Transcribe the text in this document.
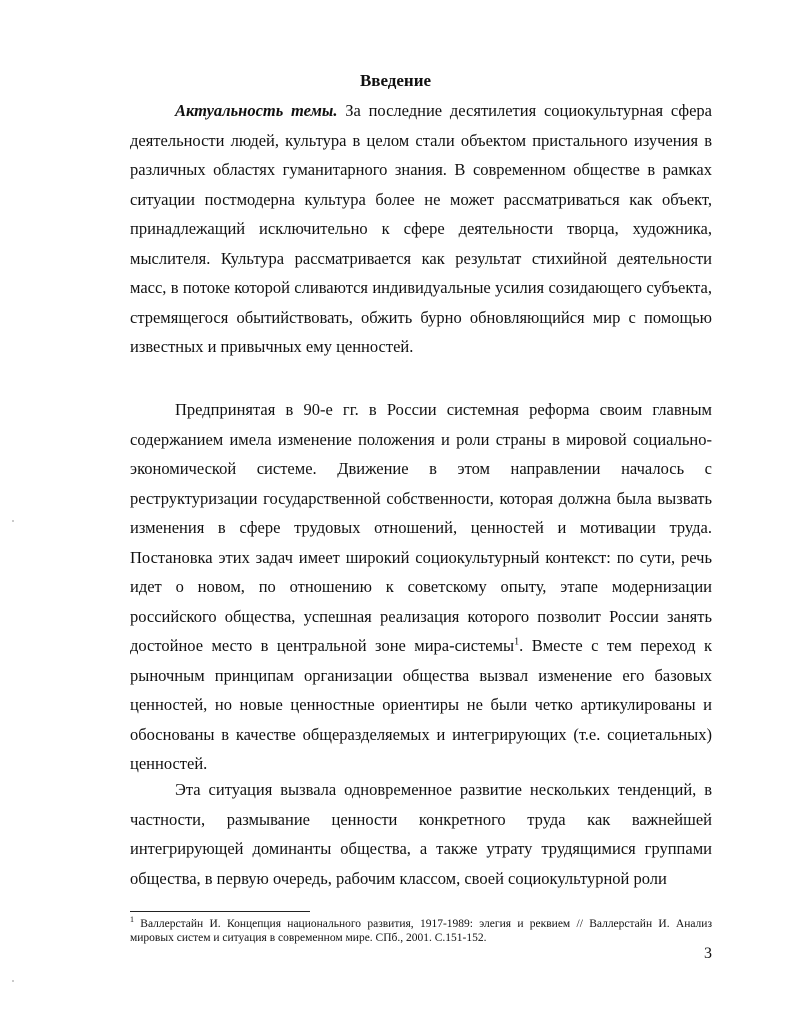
Введение

Актуальность темы. За последние десятилетия социокультурная сфера деятельности людей, культура в целом стали объектом пристального изучения в различных областях гуманитарного знания. В современном обществе в рамках ситуации постмодерна культура более не может рассматриваться как объект, принадлежащий исключительно к сфере деятельности творца, художника, мыслителя. Культура рассматривается как результат стихийной деятельности масс, в потоке которой сливаются индивидуальные усилия созидающего субъекта, стремящегося обытийствовать, обжить бурно обновляющийся мир с помощью известных и привычных ему ценностей.

Предпринятая в 90-е гг. в России системная реформа своим главным содержанием имела изменение положения и роли страны в мировой социально-экономической системе. Движение в этом направлении началось с реструктуризации государственной собственности, которая должна была вызвать изменения в сфере трудовых отношений, ценностей и мотивации труда. Постановка этих задач имеет широкий социокультурный контекст: по сути, речь идет о новом, по отношению к советскому опыту, этапе модернизации российского общества, успешная реализация которого позволит России занять достойное место в центральной зоне мира-системы$^1$. Вместе с тем переход к рыночным принципам организации общества вызвал изменение его базовых ценностей, но новые ценностные ориентиры не были четко артикулированы и обоснованы в качестве общеразделяемых и интегрирующих (т.е. социетальных) ценностей.

Эта ситуация вызвала одновременное развитие нескольких тенденций, в частности, размывание ценности конкретного труда как важнейшей интегрирующей доминанты общества, а также утрату трудящимися группами общества, в первую очередь, рабочим классом, своей социокультурной роли

$^1$ Валлерстайн И. Концепция национального развития, 1917-1989: элегия и реквием // Валлерстайн И. Анализ мировых систем и ситуация в современном мире. СПб., 2001. С.151-152.
3
